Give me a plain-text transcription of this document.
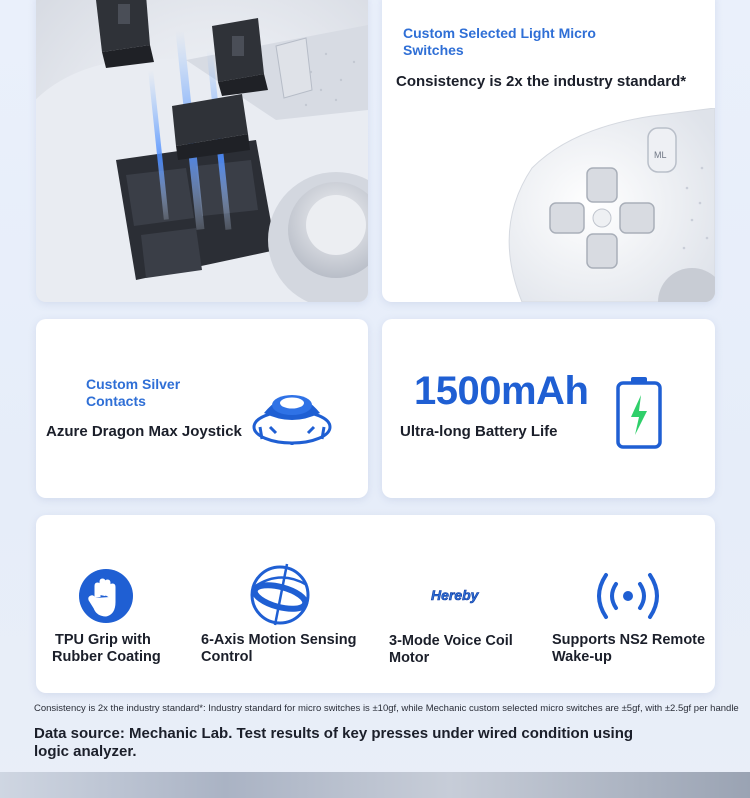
Custom Selected Light Micro Switches
Consistency is 2x the industry standard*
ML
Custom Silver Contacts
Azure Dragon Max Joystick
1500mAh
Ultra-long Battery Life
TPU Grip with
Rubber Coating
6-Axis Motion Sensing
Control
Hereby
3-Mode Voice Coil
Motor
Supports NS2 Remote
Wake-up
Consistency is 2x the industry standard*: Industry standard for micro switches is ±10gf, while Mechanic custom selected micro switches are ±5gf, with ±2.5gf per handle
Data source: Mechanic Lab. Test results of key presses under wired condition using logic analyzer.
